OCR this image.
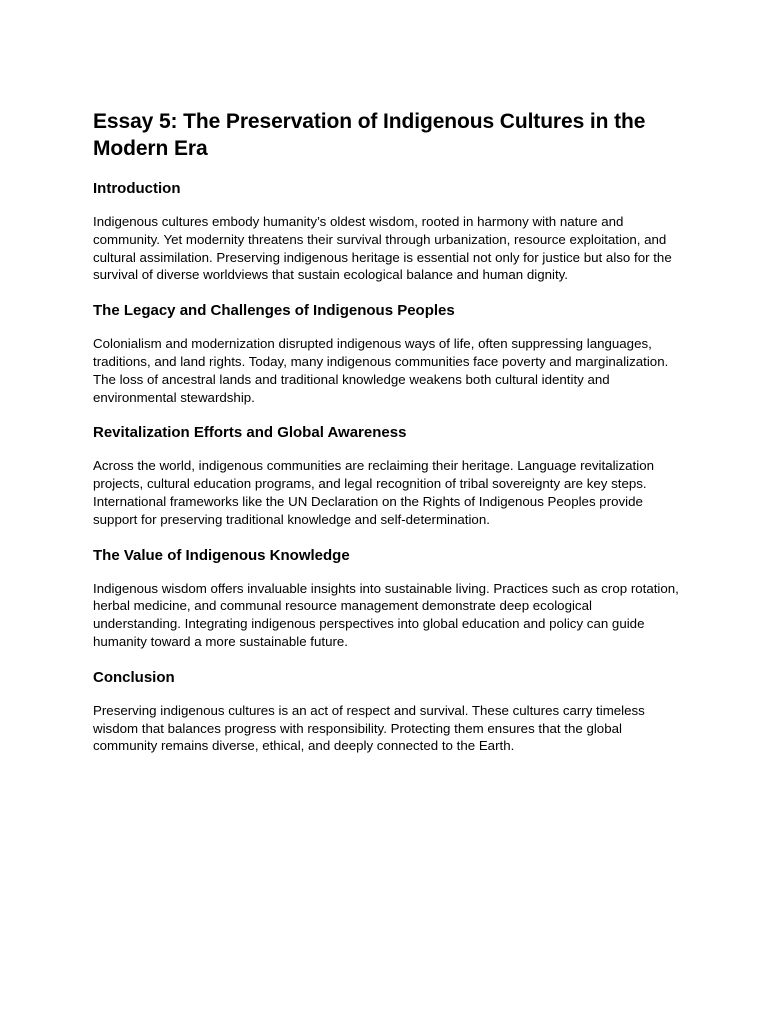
Essay 5: The Preservation of Indigenous Cultures in the Modern Era
Introduction

Indigenous cultures embody humanity’s oldest wisdom, rooted in harmony with nature and community. Yet modernity threatens their survival through urbanization, resource exploitation, and cultural assimilation. Preserving indigenous heritage is essential not only for justice but also for the survival of diverse worldviews that sustain ecological balance and human dignity.

The Legacy and Challenges of Indigenous Peoples

Colonialism and modernization disrupted indigenous ways of life, often suppressing languages, traditions, and land rights. Today, many indigenous communities face poverty and marginalization. The loss of ancestral lands and traditional knowledge weakens both cultural identity and environmental stewardship.

Revitalization Efforts and Global Awareness

Across the world, indigenous communities are reclaiming their heritage. Language revitalization projects, cultural education programs, and legal recognition of tribal sovereignty are key steps. International frameworks like the UN Declaration on the Rights of Indigenous Peoples provide support for preserving traditional knowledge and self-determination.

The Value of Indigenous Knowledge

Indigenous wisdom offers invaluable insights into sustainable living. Practices such as crop rotation, herbal medicine, and communal resource management demonstrate deep ecological understanding. Integrating indigenous perspectives into global education and policy can guide humanity toward a more sustainable future.

Conclusion

Preserving indigenous cultures is an act of respect and survival. These cultures carry timeless wisdom that balances progress with responsibility. Protecting them ensures that the global community remains diverse, ethical, and deeply connected to the Earth.
